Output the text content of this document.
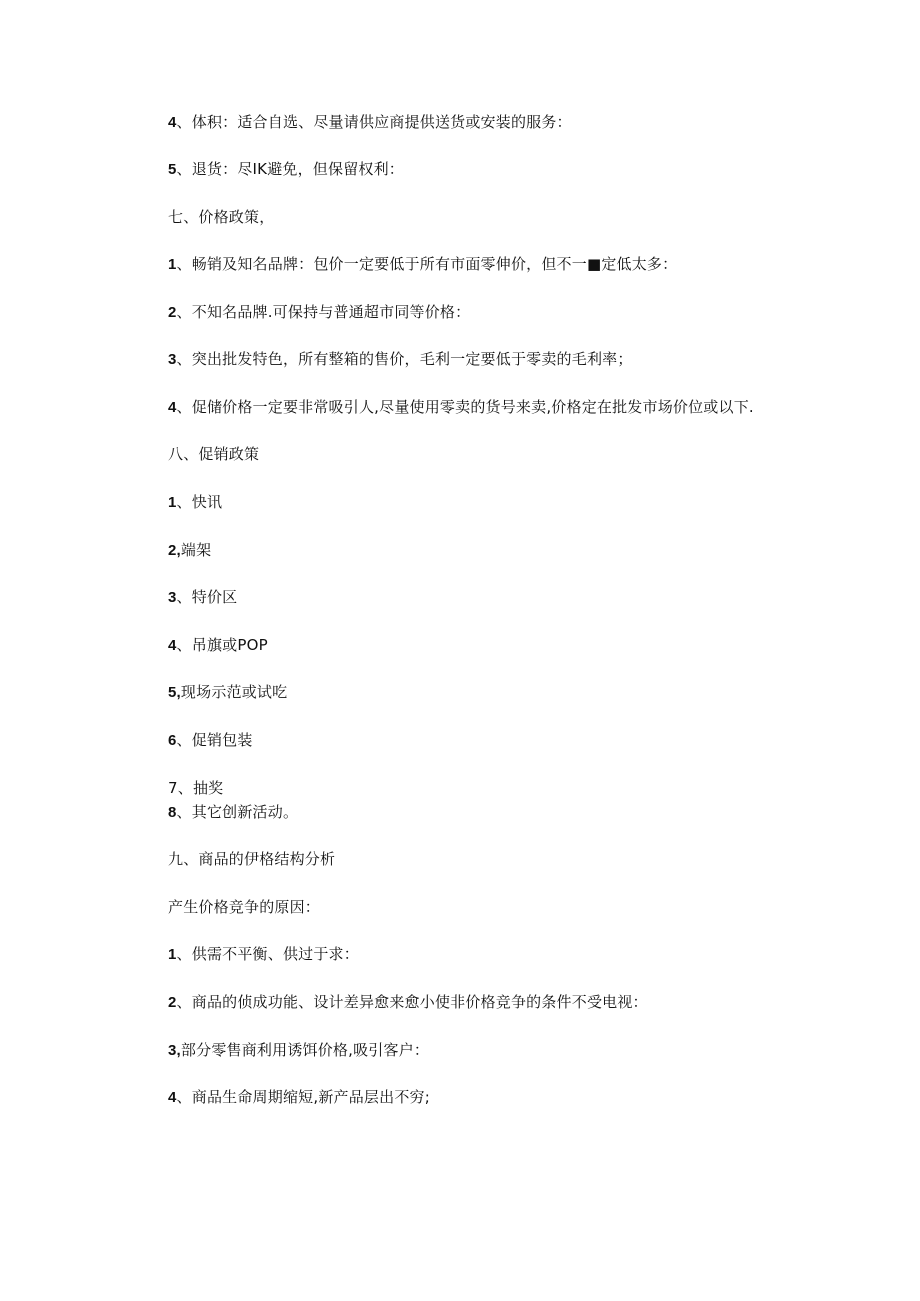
4、体积：适合自选、尽量请供应商提供送货或安装的服务：
5、退货：尽IK避免，但保留权利：
七、价格政策，
1、畅销及知名品牌：包价一定要低于所有市面零伸价，但不一■定低太多：
2、不知名品牌.可保持与普通超市同等价格：
3、突出批发特色，所有整箱的售价，毛利一定要低于零卖的毛利率；
4、促储价格一定要非常吸引人,尽量使用零卖的货号来卖,价格定在批发市场价位或以下.
八、促销政策
1、快讯
2,端架
3、特价区
4、吊旗或POP
5,现场示范或试吃
6、促销包装
7、抽奖
8、其它创新活动。
九、商品的伊格结构分析
产生价格竞争的原因：
1、供需不平衡、供过于求：
2、商品的侦成功能、设计差异愈来愈小使非价格竞争的条件不受电视：
3,部分零售商利用诱饵价格,吸引客户：
4、商品生命周期缩短,新产品层出不穷;
